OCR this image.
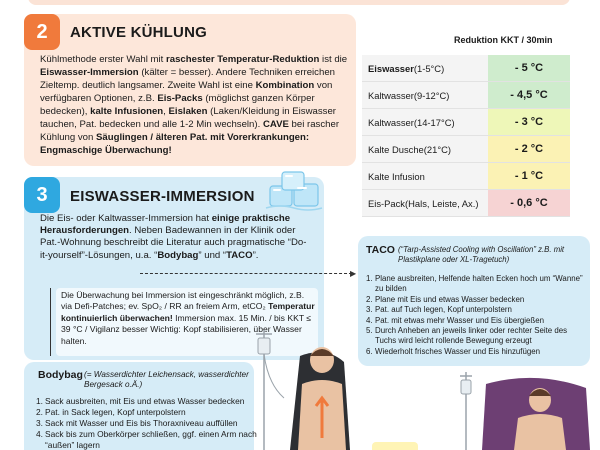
2	AKTIVE KÜHLUNG
Kühlmethode erster Wahl mit raschester Temperatur-Reduktion ist die Eiswasser-Immersion (kälter = besser). Andere Techniken erreichen Zieltemp. deutlich langsamer. Zweite Wahl ist eine Kombination von verfügbaren Optionen, z.B. Eis-Packs (möglichst ganzen Körper bedecken), kalte Infusionen, Eislaken (Laken/Kleidung in Eiswasser tauchen, Pat. bedecken und alle 1-2 Min wechseln). CAVE bei rascher Kühlung von Säuglingen / älteren Pat. mit Vorerkrankungen: Engmaschige Überwachung!
Reduktion KKT / 30min
Eiswasser (1-5°C)	- 5 °C
Kaltwasser (9-12°C)	- 4,5 °C
Kaltwasser (14-17°C)	- 3 °C
Kalte Dusche (21°C)	- 2 °C
Kalte Infusion	- 1 °C
Eis-Pack (Hals, Leiste, Ax.)	- 0,6 °C
3	EISWASSER-IMMERSION
Die Eis- oder Kaltwasser-Immersion hat einige praktische Herausforderungen. Neben Badewannen in der Klinik oder Pat.-Wohnung beschreibt die Literatur auch pragmatische “Do-it-yourself”-Lösungen, u.a. “Bodybag” und “TACO”.
▶
Die Überwachung bei Immersion ist eingeschränkt möglich, z.B. via Defi-Patches; ev. SpO₂ / RR an freiem Arm, etCO₂ Temperatur kontinuierlich überwachen! Immersion max. 15 Min. / bis KKT ≤ 39 °C / Vigilanz besser Wichtig: Kopf stabilisieren, über Wasser halten.
Bodybag (= Wasserdichter Leichensack, wasserdichter Bergesack o.Ä.)
1. Sack ausbreiten, mit Eis und etwas Wasser bedecken
2. Pat. in Sack legen, Kopf unterpolstern
3. Sack mit Wasser und Eis bis Thoraxniveau auffüllen
4. Sack bis zum Oberkörper schließen, ggf. einen Arm nach “außen” lagern
TACO (“Tarp-Assisted Cooling with Oscillation” z.B. mit Plastikplane oder XL-Tragetuch)
1. Plane ausbreiten, Helfende halten Ecken hoch um “Wanne” zu bilden
2. Plane mit Eis und etwas Wasser bedecken
3. Pat. auf Tuch legen, Kopf unterpolstern
4. Pat. mit etwas mehr Wasser und Eis übergießen
5. Durch Anheben an jeweils linker oder rechter Seite des Tuchs wird leicht rollende Bewegung erzeugt
6. Wiederholt frisches Wasser und Eis hinzufügen
